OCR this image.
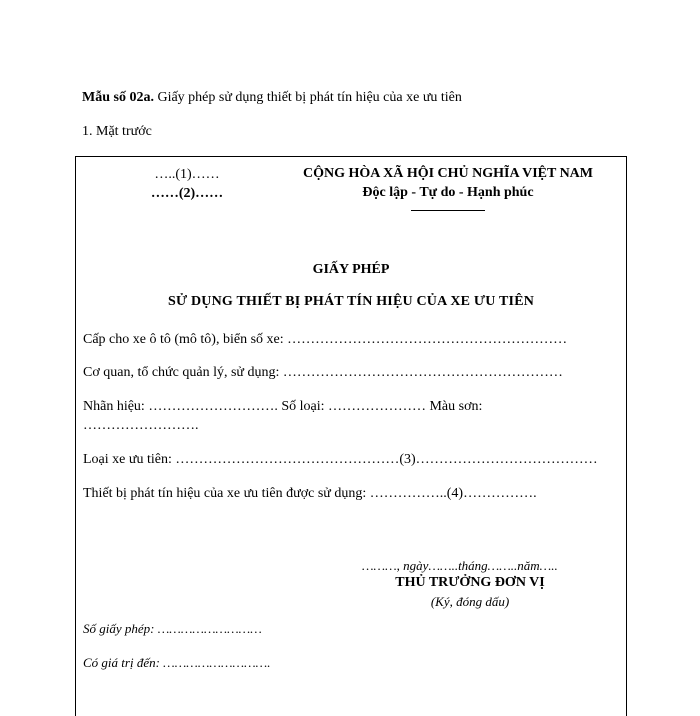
Mẫu số 02a. Giấy phép sử dụng thiết bị phát tín hiệu của xe ưu tiên
1. Mặt trước
…..(1)……
……(2)……
CỘNG HÒA XÃ HỘI CHỦ NGHĨA VIỆT NAM
Độc lập - Tự do - Hạnh phúc
GIẤY PHÉP
SỬ DỤNG THIẾT BỊ PHÁT TÍN HIỆU CỦA XE ƯU TIÊN
Cấp cho xe ô tô (mô tô), biển số xe: ……………………………………………………
Cơ quan, tổ chức quản lý, sử dụng: ……………………………………………………
Nhãn hiệu: ………………………. Số loại: ………………… Màu sơn:
…………………….
Loại xe ưu tiên: …………………………………………(3)…………………………………
Thiết bị phát tín hiệu của xe ưu tiên được sử dụng: ……………..(4)…………….
………, ngày……..tháng……..năm…..
THỦ TRƯỞNG ĐƠN VỊ
(Ký, đóng dấu)
Số giấy phép: ………………………
Có giá trị đến: ……………………….
